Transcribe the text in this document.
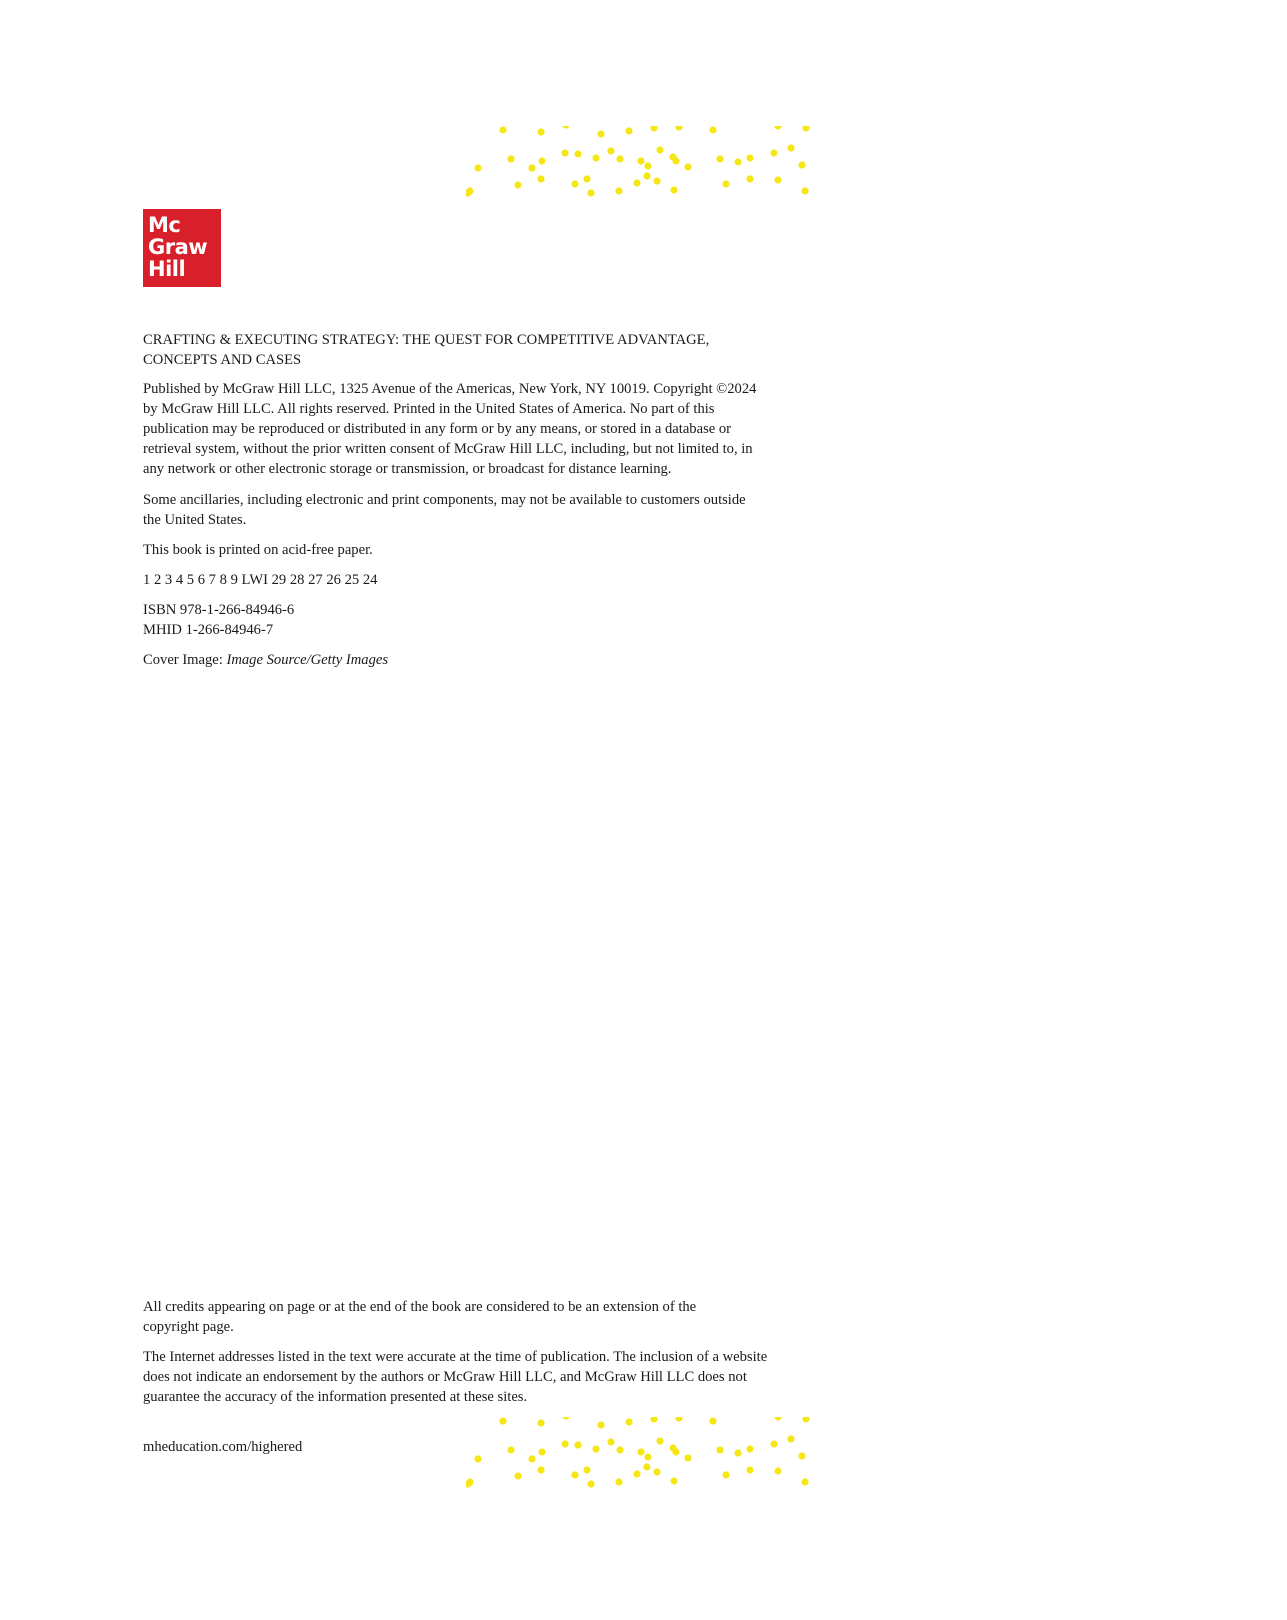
Mc
Graw
Hill

CRAFTING & EXECUTING STRATEGY: THE QUEST FOR COMPETITIVE ADVANTAGE,

CONCEPTS AND CASES

Published by McGraw Hill LLC, 1325 Avenue of the Americas, New York, NY 10019. Copyright ©2024

by McGraw Hill LLC. All rights reserved. Printed in the United States of America. No part of this

publication may be reproduced or distributed in any form or by any means, or stored in a database or

retrieval system, without the prior written consent of McGraw Hill LLC, including, but not limited to, in

any network or other electronic storage or transmission, or broadcast for distance learning.

Some ancillaries, including electronic and print components, may not be available to customers outside

the United States.

This book is printed on acid-free paper.

1 2 3 4 5 6 7 8 9 LWI 29 28 27 26 25 24

ISBN 978-1-266-84946-6

MHID 1-266-84946-7

Cover Image: Image Source/Getty Images

All credits appearing on page or at the end of the book are considered to be an extension of the

copyright page.

The Internet addresses listed in the text were accurate at the time of publication. The inclusion of a website

does not indicate an endorsement by the authors or McGraw Hill LLC, and McGraw Hill LLC does not

guarantee the accuracy of the information presented at these sites.

mheducation.com/highered
